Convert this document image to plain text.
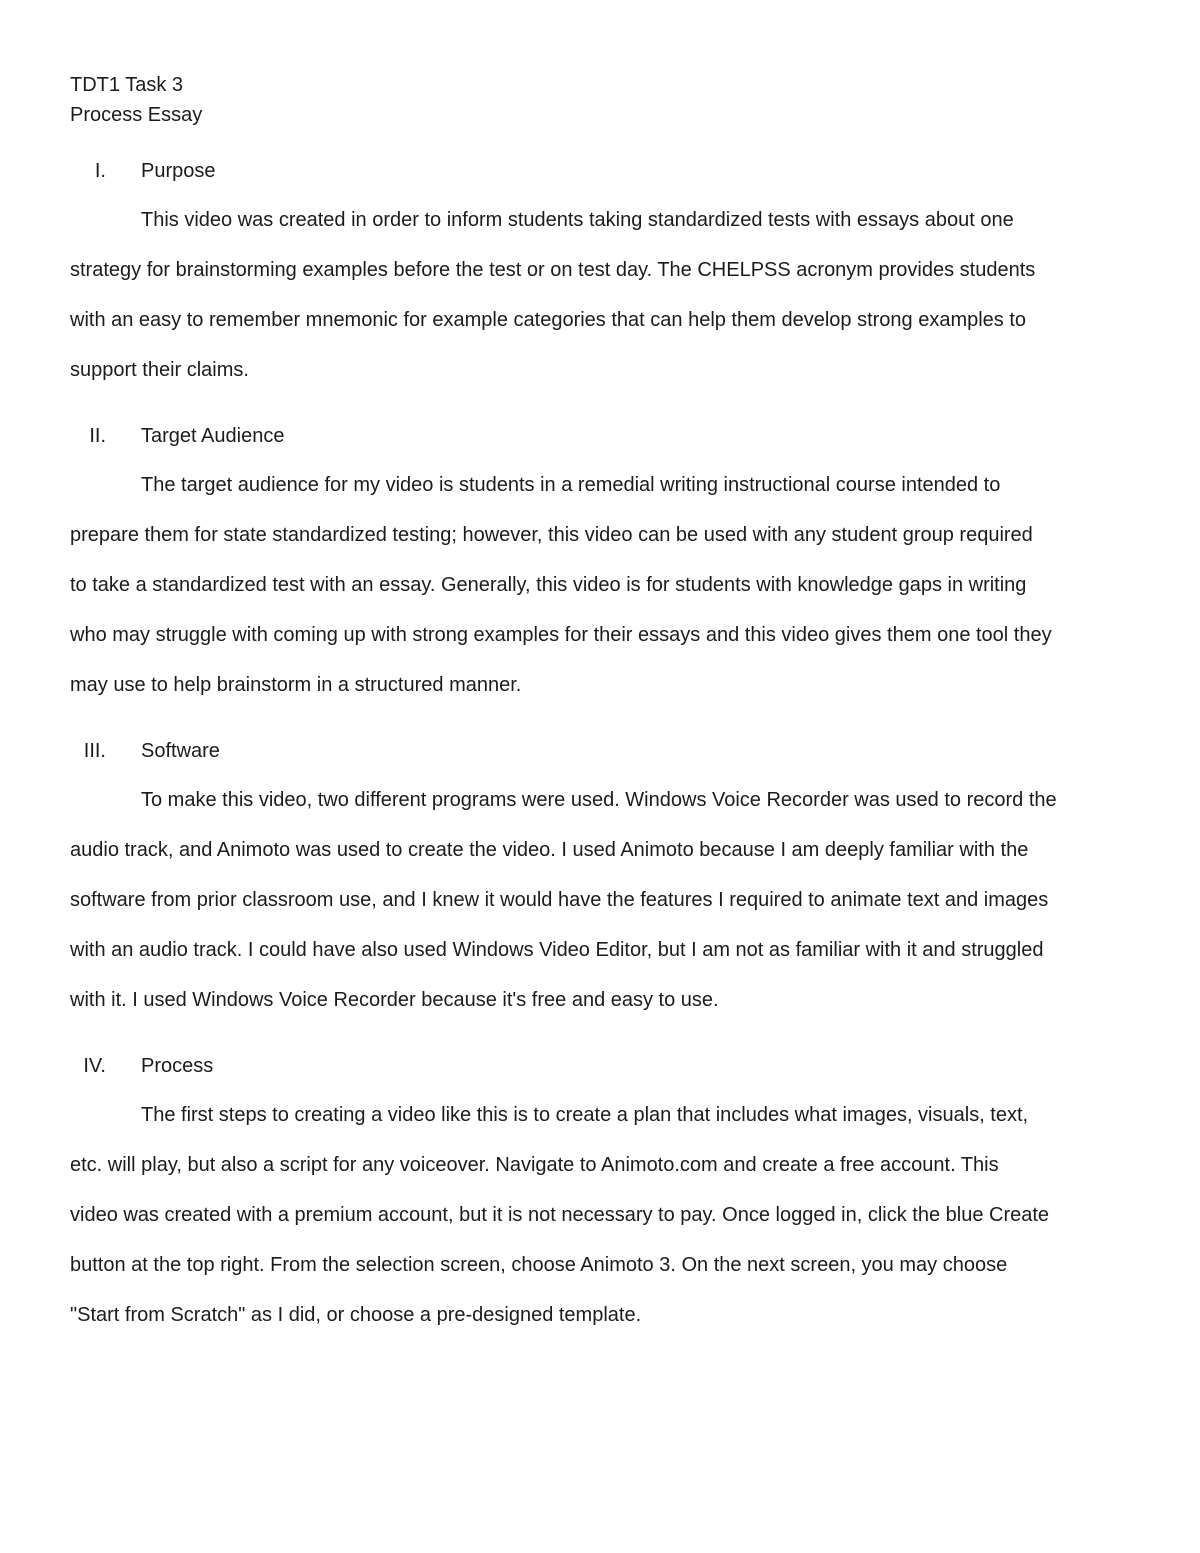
TDT1 Task 3
Process Essay
I. Purpose
This video was created in order to inform students taking standardized tests with essays about one
strategy for brainstorming examples before the test or on test day. The CHELPSS acronym provides students
with an easy to remember mnemonic for example categories that can help them develop strong examples to
support their claims.
II. Target Audience
The target audience for my video is students in a remedial writing instructional course intended to
prepare them for state standardized testing; however, this video can be used with any student group required
to take a standardized test with an essay. Generally, this video is for students with knowledge gaps in writing
who may struggle with coming up with strong examples for their essays and this video gives them one tool they
may use to help brainstorm in a structured manner.
III. Software
To make this video, two different programs were used. Windows Voice Recorder was used to record the
audio track, and Animoto was used to create the video. I used Animoto because I am deeply familiar with the
software from prior classroom use, and I knew it would have the features I required to animate text and images
with an audio track. I could have also used Windows Video Editor, but I am not as familiar with it and struggled
with it. I used Windows Voice Recorder because it's free and easy to use.
IV. Process
The first steps to creating a video like this is to create a plan that includes what images, visuals, text,
etc. will play, but also a script for any voiceover. Navigate to Animoto.com and create a free account. This
video was created with a premium account, but it is not necessary to pay. Once logged in, click the blue Create
button at the top right. From the selection screen, choose Animoto 3. On the next screen, you may choose
"Start from Scratch" as I did, or choose a pre-designed template.
